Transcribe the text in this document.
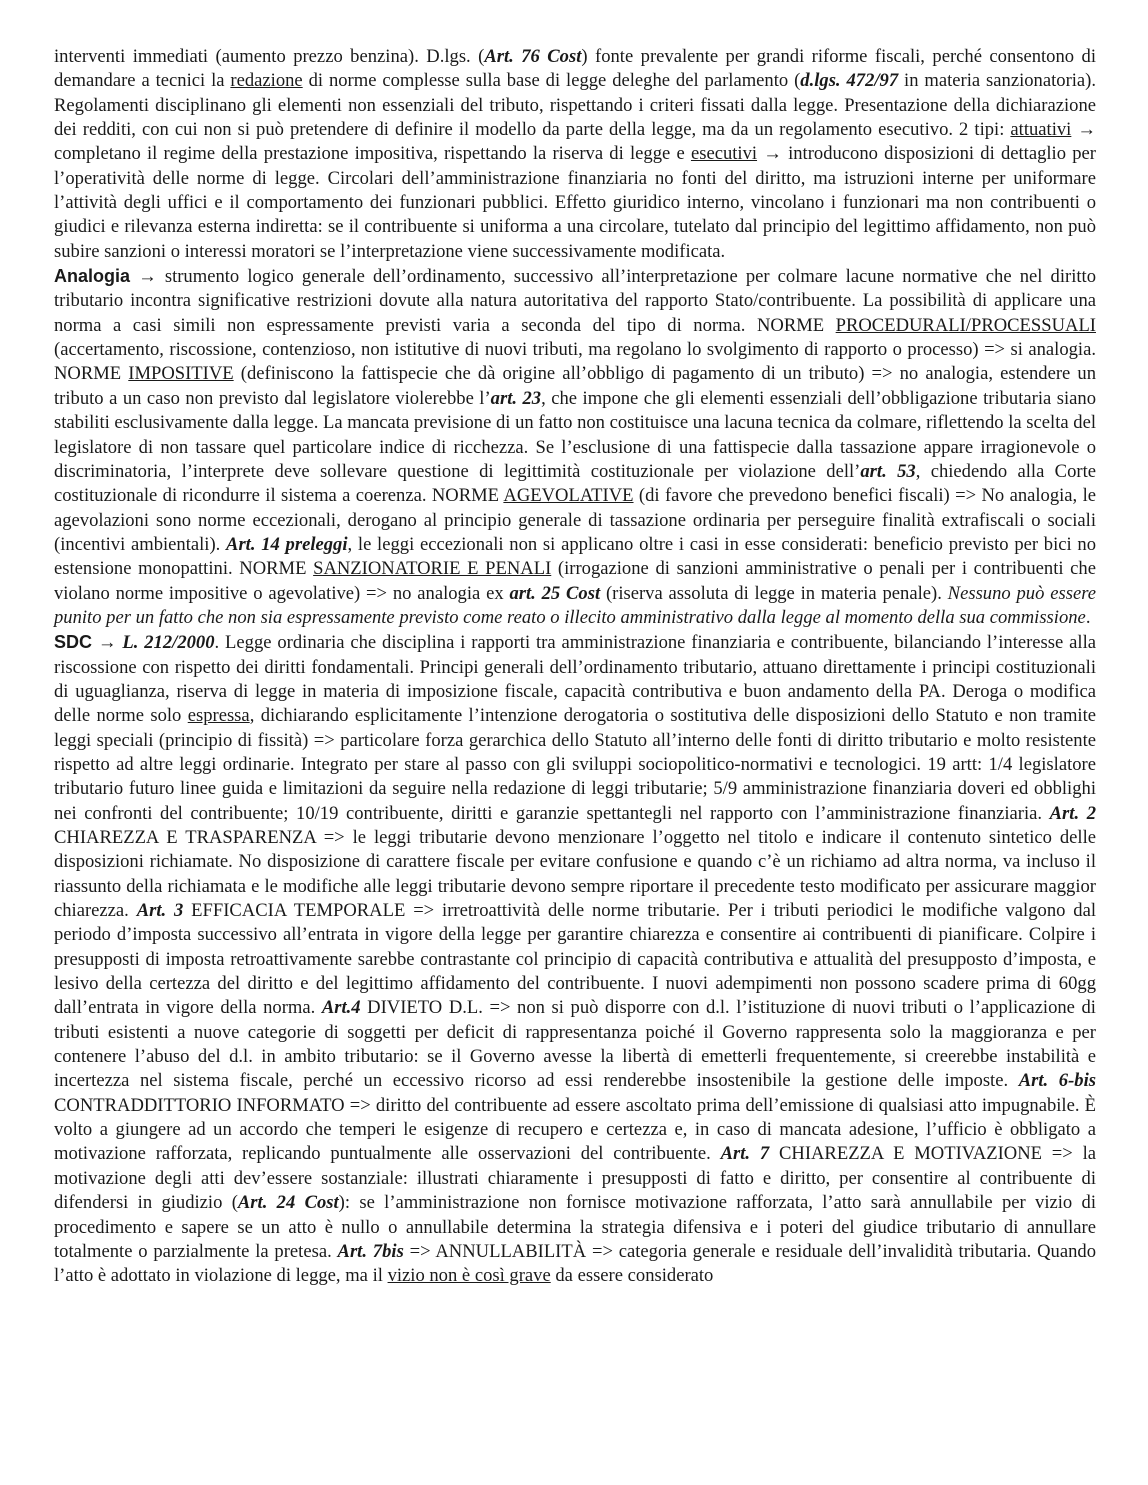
interventi immediati (aumento prezzo benzina). D.lgs. (Art. 76 Cost) fonte prevalente per grandi riforme fiscali, perché consentono di demandare a tecnici la redazione di norme complesse sulla base di legge deleghe del parlamento (d.lgs. 472/97 in materia sanzionatoria). Regolamenti disciplinano gli elementi non essenziali del tributo, rispettando i criteri fissati dalla legge. Presentazione della dichiarazione dei redditi, con cui non si può pretendere di definire il modello da parte della legge, ma da un regolamento esecutivo. 2 tipi: attuativi → completano il regime della prestazione impositiva, rispettando la riserva di legge e esecutivi → introducono disposizioni di dettaglio per l’operatività delle norme di legge. Circolari dell’amministrazione finanziaria no fonti del diritto, ma istruzioni interne per uniformare l’attività degli uffici e il comportamento dei funzionari pubblici. Effetto giuridico interno, vincolano i funzionari ma non contribuenti o giudici e rilevanza esterna indiretta: se il contribuente si uniforma a una circolare, tutelato dal principio del legittimo affidamento, non può subire sanzioni o interessi moratori se l’interpretazione viene successivamente modificata.

Analogia → strumento logico generale dell’ordinamento, successivo all’interpretazione per colmare lacune normative che nel diritto tributario incontra significative restrizioni dovute alla natura autoritativa del rapporto Stato/contribuente. La possibilità di applicare una norma a casi simili non espressamente previsti varia a seconda del tipo di norma. NORME PROCEDURALI/PROCESSUALI (accertamento, riscossione, contenzioso, non istitutive di nuovi tributi, ma regolano lo svolgimento di rapporto o processo) => si analogia. NORME IMPOSITIVE (definiscono la fattispecie che dà origine all’obbligo di pagamento di un tributo) => no analogia, estendere un tributo a un caso non previsto dal legislatore violerebbe l’art. 23, che impone che gli elementi essenziali dell’obbligazione tributaria siano stabiliti esclusivamente dalla legge. La mancata previsione di un fatto non costituisce una lacuna tecnica da colmare, riflettendo la scelta del legislatore di non tassare quel particolare indice di ricchezza. Se l’esclusione di una fattispecie dalla tassazione appare irragionevole o discriminatoria, l’interprete deve sollevare questione di legittimità costituzionale per violazione dell’art. 53, chiedendo alla Corte costituzionale di ricondurre il sistema a coerenza. NORME AGEVOLATIVE (di favore che prevedono benefici fiscali) => No analogia, le agevolazioni sono norme eccezionali, derogano al principio generale di tassazione ordinaria per perseguire finalità extrafiscali o sociali (incentivi ambientali). Art. 14 preleggi, le leggi eccezionali non si applicano oltre i casi in esse considerati: beneficio previsto per bici no estensione monopattini. NORME SANZIONATORIE E PENALI (irrogazione di sanzioni amministrative o penali per i contribuenti che violano norme impositive o agevolative) => no analogia ex art. 25 Cost (riserva assoluta di legge in materia penale). Nessuno può essere punito per un fatto che non sia espressamente previsto come reato o illecito amministrativo dalla legge al momento della sua commissione.

SDC → L. 212/2000. Legge ordinaria che disciplina i rapporti tra amministrazione finanziaria e contribuente, bilanciando l’interesse alla riscossione con rispetto dei diritti fondamentali. Principi generali dell’ordinamento tributario, attuano direttamente i principi costituzionali di uguaglianza, riserva di legge in materia di imposizione fiscale, capacità contributiva e buon andamento della PA. Deroga o modifica delle norme solo espressa, dichiarando esplicitamente l’intenzione derogatoria o sostitutiva delle disposizioni dello Statuto e non tramite leggi speciali (principio di fissità) => particolare forza gerarchica dello Statuto all’interno delle fonti di diritto tributario e molto resistente rispetto ad altre leggi ordinarie. Integrato per stare al passo con gli sviluppi sociopolitico-normativi e tecnologici. 19 artt: 1/4 legislatore tributario futuro linee guida e limitazioni da seguire nella redazione di leggi tributarie; 5/9 amministrazione finanziaria doveri ed obblighi nei confronti del contribuente; 10/19 contribuente, diritti e garanzie spettantegli nel rapporto con l’amministrazione finanziaria. Art. 2 CHIAREZZA E TRASPARENZA => le leggi tributarie devono menzionare l’oggetto nel titolo e indicare il contenuto sintetico delle disposizioni richiamate. No disposizione di carattere fiscale per evitare confusione e quando c’è un richiamo ad altra norma, va incluso il riassunto della richiamata e le modifiche alle leggi tributarie devono sempre riportare il precedente testo modificato per assicurare maggior chiarezza. Art. 3 EFFICACIA TEMPORALE => irretroattività delle norme tributarie. Per i tributi periodici le modifiche valgono dal periodo d’imposta successivo all’entrata in vigore della legge per garantire chiarezza e consentire ai contribuenti di pianificare. Colpire i presupposti di imposta retroattivamente sarebbe contrastante col principio di capacità contributiva e attualità del presupposto d’imposta, e lesivo della certezza del diritto e del legittimo affidamento del contribuente. I nuovi adempimenti non possono scadere prima di 60gg dall’entrata in vigore della norma. Art.4 DIVIETO D.L. => non si può disporre con d.l. l’istituzione di nuovi tributi o l’applicazione di tributi esistenti a nuove categorie di soggetti per deficit di rappresentanza poiché il Governo rappresenta solo la maggioranza e per contenere l’abuso del d.l. in ambito tributario: se il Governo avesse la libertà di emetterli frequentemente, si creerebbe instabilità e incertezza nel sistema fiscale, perché un eccessivo ricorso ad essi renderebbe insostenibile la gestione delle imposte. Art. 6-bis CONTRADDITTORIO INFORMATO => diritto del contribuente ad essere ascoltato prima dell’emissione di qualsiasi atto impugnabile. È volto a giungere ad un accordo che temperi le esigenze di recupero e certezza e, in caso di mancata adesione, l’ufficio è obbligato a motivazione rafforzata, replicando puntualmente alle osservazioni del contribuente. Art. 7 CHIAREZZA E MOTIVAZIONE => la motivazione degli atti dev’essere sostanziale: illustrati chiaramente i presupposti di fatto e diritto, per consentire al contribuente di difendersi in giudizio (Art. 24 Cost): se l’amministrazione non fornisce motivazione rafforzata, l’atto sarà annullabile per vizio di procedimento e sapere se un atto è nullo o annullabile determina la strategia difensiva e i poteri del giudice tributario di annullare totalmente o parzialmente la pretesa. Art. 7bis => ANNULLABILITÀ => categoria generale e residuale dell’invalidità tributaria. Quando l’atto è adottato in violazione di legge, ma il vizio non è così grave da essere considerato
